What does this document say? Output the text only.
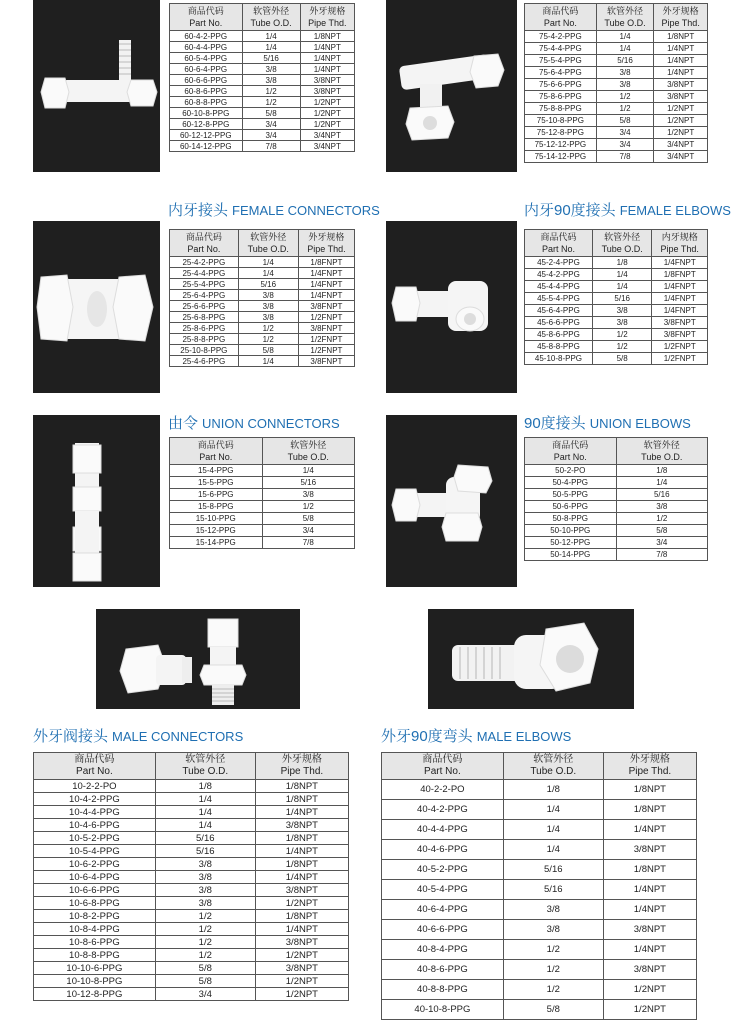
商品代码
Part No.	软管外径
Tube O.D.	外牙规格
Pipe Thd.

60-4-2-PPG	1/4	1/8NPT
60-4-4-PPG	1/4	1/4NPT
60-5-4-PPG	5/16	1/4NPT
60-6-4-PPG	3/8	1/4NPT
60-6-6-PPG	3/8	3/8NPT
60-8-6-PPG	1/2	3/8NPT
60-8-8-PPG	1/2	1/2NPT
60-10-8-PPG	5/8	1/2NPT
60-12-8-PPG	3/4	1/2NPT
60-12-12-PPG	3/4	3/4NPT
60-14-12-PPG	7/8	3/4NPT
商品代码
Part No.	软管外径
Tube O.D.	外牙规格
Pipe Thd.

75-4-2-PPG	1/4	1/8NPT
75-4-4-PPG	1/4	1/4NPT
75-5-4-PPG	5/16	1/4NPT
75-6-4-PPG	3/8	1/4NPT
75-6-6-PPG	3/8	3/8NPT
75-8-6-PPG	1/2	3/8NPT
75-8-8-PPG	1/2	1/2NPT
75-10-8-PPG	5/8	1/2NPT
75-12-8-PPG	3/4	1/2NPT
75-12-12-PPG	3/4	3/4NPT
75-14-12-PPG	7/8	3/4NPT
内牙接头 FEMALE CONNECTORS
商品代码
Part No.	软管外径
Tube O.D.	外牙规格
Pipe Thd.

25-4-2-PPG	1/4	1/8FNPT
25-4-4-PPG	1/4	1/4FNPT
25-5-4-PPG	5/16	1/4FNPT
25-6-4-PPG	3/8	1/4FNPT
25-6-6-PPG	3/8	3/8FNPT
25-6-8-PPG	3/8	1/2FNPT
25-8-6-PPG	1/2	3/8FNPT
25-8-8-PPG	1/2	1/2FNPT
25-10-8-PPG	5/8	1/2FNPT
25-4-6-PPG	1/4	3/8FNPT
内牙90度接头 FEMALE ELBOWS
商品代码
Part No.	软管外径
Tube O.D.	内牙规格
Pipe Thd.

45-2-4-PPG	1/8	1/4FNPT
45-4-2-PPG	1/4	1/8FNPT
45-4-4-PPG	1/4	1/4FNPT
45-5-4-PPG	5/16	1/4FNPT
45-6-4-PPG	3/8	1/4FNPT
45-6-6-PPG	3/8	3/8FNPT
45-8-6-PPG	1/2	3/8FNPT
45-8-8-PPG	1/2	1/2FNPT
45-10-8-PPG	5/8	1/2FNPT
由令 UNION CONNECTORS
商品代码
Part No.	软管外径
Tube O.D.

15-4-PPG	1/4
15-5-PPG	5/16
15-6-PPG	3/8
15-8-PPG	1/2
15-10-PPG	5/8
15-12-PPG	3/4
15-14-PPG	7/8
90度接头 UNION ELBOWS
商品代码
Part No.	软管外径
Tube O.D.

50-2-PO	1/8
50-4-PPG	1/4
50-5-PPG	5/16
50-6-PPG	3/8
50-8-PPG	1/2
50-10-PPG	5/8
50-12-PPG	3/4
50-14-PPG	7/8
外牙阀接头 MALE CONNECTORS
商品代码
Part No.	软管外径
Tube O.D.	外牙规格
Pipe Thd.

10-2-2-PO	1/8	1/8NPT
10-4-2-PPG	1/4	1/8NPT
10-4-4-PPG	1/4	1/4NPT
10-4-6-PPG	1/4	3/8NPT
10-5-2-PPG	5/16	1/8NPT
10-5-4-PPG	5/16	1/4NPT
10-6-2-PPG	3/8	1/8NPT
10-6-4-PPG	3/8	1/4NPT
10-6-6-PPG	3/8	3/8NPT
10-6-8-PPG	3/8	1/2NPT
10-8-2-PPG	1/2	1/8NPT
10-8-4-PPG	1/2	1/4NPT
10-8-6-PPG	1/2	3/8NPT
10-8-8-PPG	1/2	1/2NPT
10-10-6-PPG	5/8	3/8NPT
10-10-8-PPG	5/8	1/2NPT
10-12-8-PPG	3/4	1/2NPT
外牙90度弯头 MALE ELBOWS
商品代码
Part No.	软管外径
Tube O.D.	外牙规格
Pipe Thd.

40-2-2-PO	1/8	1/8NPT
40-4-2-PPG	1/4	1/8NPT
40-4-4-PPG	1/4	1/4NPT
40-4-6-PPG	1/4	3/8NPT
40-5-2-PPG	5/16	1/8NPT
40-5-4-PPG	5/16	1/4NPT
40-6-4-PPG	3/8	1/4NPT
40-6-6-PPG	3/8	3/8NPT
40-8-4-PPG	1/2	1/4NPT
40-8-6-PPG	1/2	3/8NPT
40-8-8-PPG	1/2	1/2NPT
40-10-8-PPG	5/8	1/2NPT
